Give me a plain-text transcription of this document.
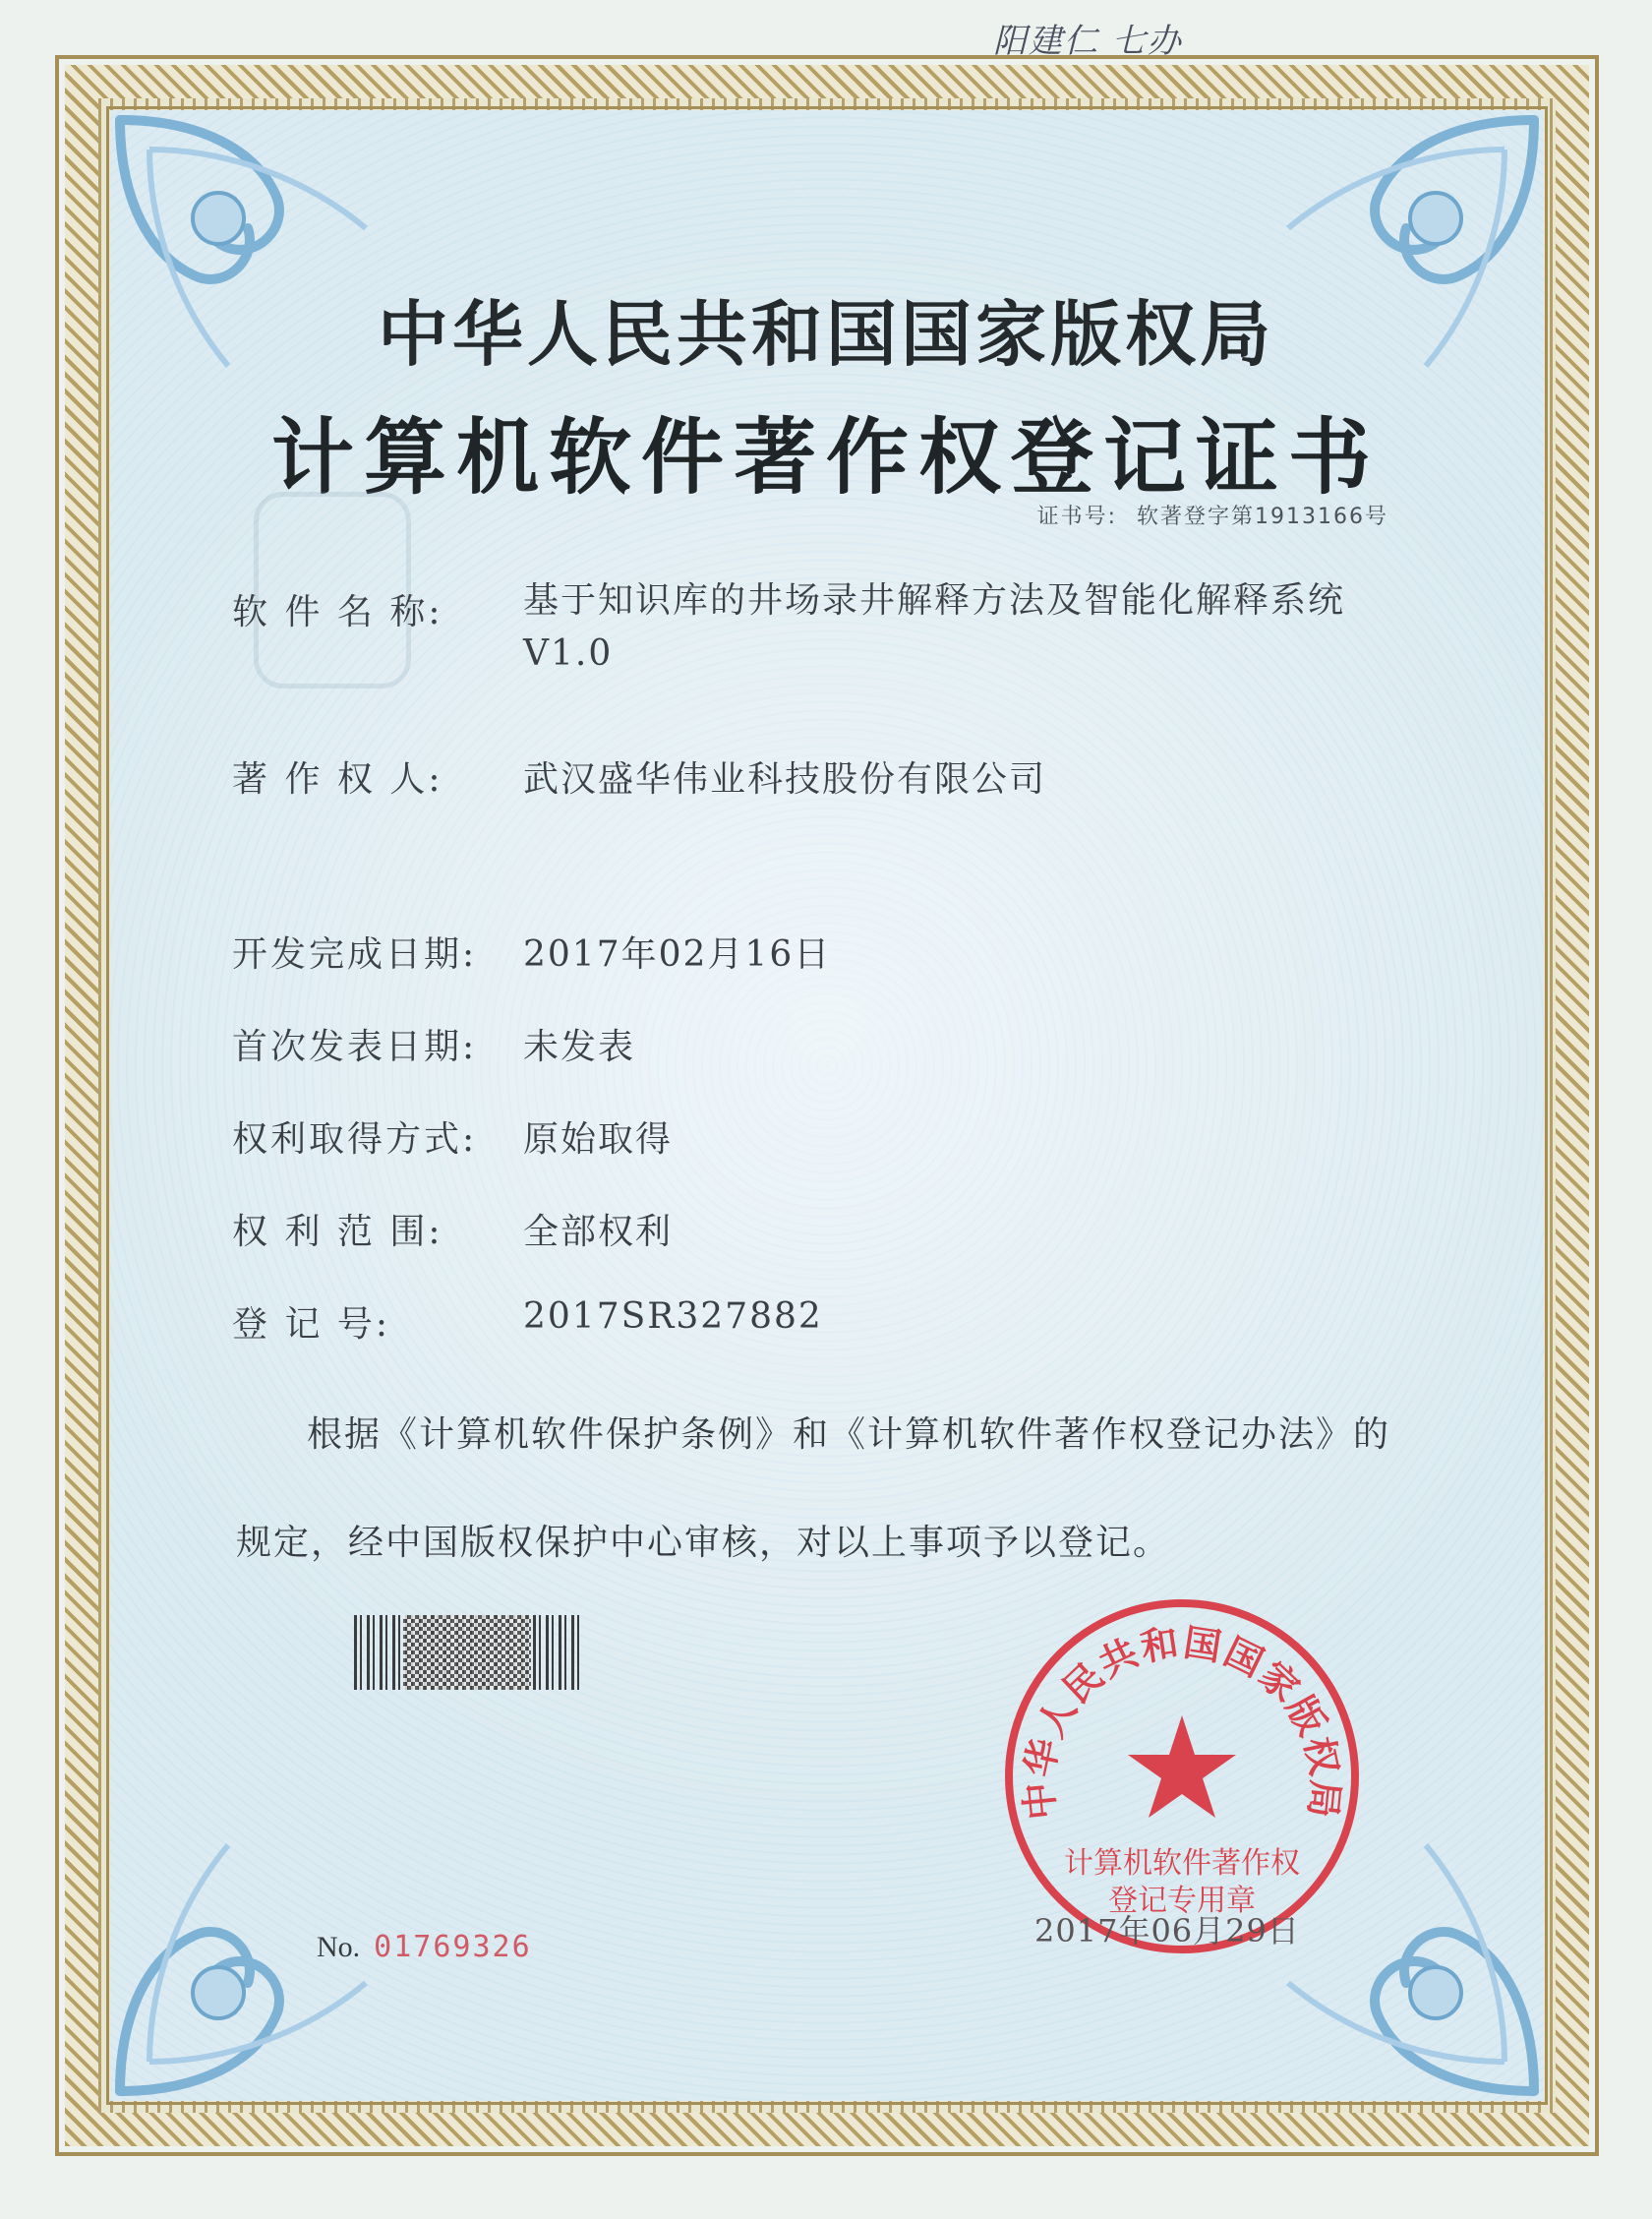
阳建仁 七办
中华人民共和国国家版权局
计算机软件著作权登记证书
证书号: 软著登字第1913166号
软 件 名 称: 基于知识库的井场录井解释方法及智能化解释系统
V1.0
著 作 权 人: 武汉盛华伟业科技股份有限公司
开发完成日期: 2017年02月16日
首次发表日期: 未发表
权利取得方式: 原始取得
权 利 范 围: 全部权利
登 记 号:	2017SR327882
根据《计算机软件保护条例》和《计算机软件著作权登记办法》的
规定，经中国版权保护中心审核，对以上事项予以登记。
中华人民共和国国家版权局
计算机软件著作权
登记专用章
2017年06月29日
No. 01769326
